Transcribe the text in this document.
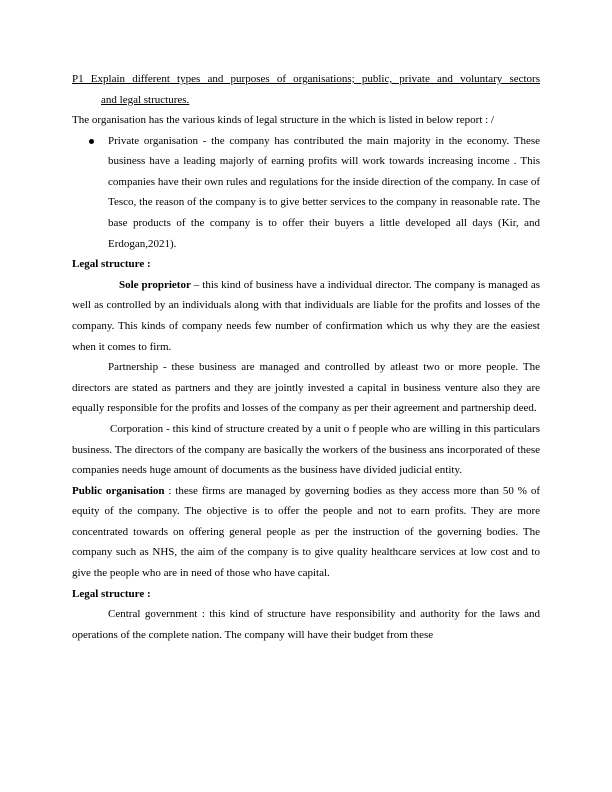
P1 Explain different types and purposes of organisations; public, private and voluntary sectors
and legal structures.

The organisation has the various kinds of legal structure in the which is listed in below report : /

Private organisation - the company has contributed the main majority in the economy. These business have a leading majorly of earning profits will work towards increasing income . This companies have their own rules and regulations for the inside direction of the company. In case of Tesco, the reason of the company is to give better services to the company in reasonable rate. The base products of the company is to offer their buyers a little developed all days (Kir, and Erdogan,2021).

Legal structure :

Sole proprietor – this kind of business have a individual director. The company is managed as well as controlled by an individuals along with that individuals are liable for the profits and losses of the company. This kinds of company needs few number of confirmation which us why they are the easiest when it comes to firm.

Partnership - these business are managed and controlled by atleast two or more people. The directors are stated as partners and they are jointly invested a capital in business venture also they are equally responsible for the profits and losses of the company as per their agreement and partnership deed.

Corporation - this kind of structure created by a unit o f people who are willing in this particulars business. The directors of the company are basically the workers of the business ans incorporated of these companies needs huge amount of documents as the business have divided judicial entity.

Public organisation : these firms are managed by governing bodies as they access more than 50 % of equity of the company. The objective is to offer the people and not to earn profits. They are more concentrated towards on offering general people as per the instruction of the governing bodies. The company such as NHS, the aim of the company is to give quality healthcare services at low cost and to give the people who are in need of those who have capital.

Legal structure :

Central government : this kind of structure have responsibility and authority for the laws and operations of the complete nation. The company will have their budget from these
